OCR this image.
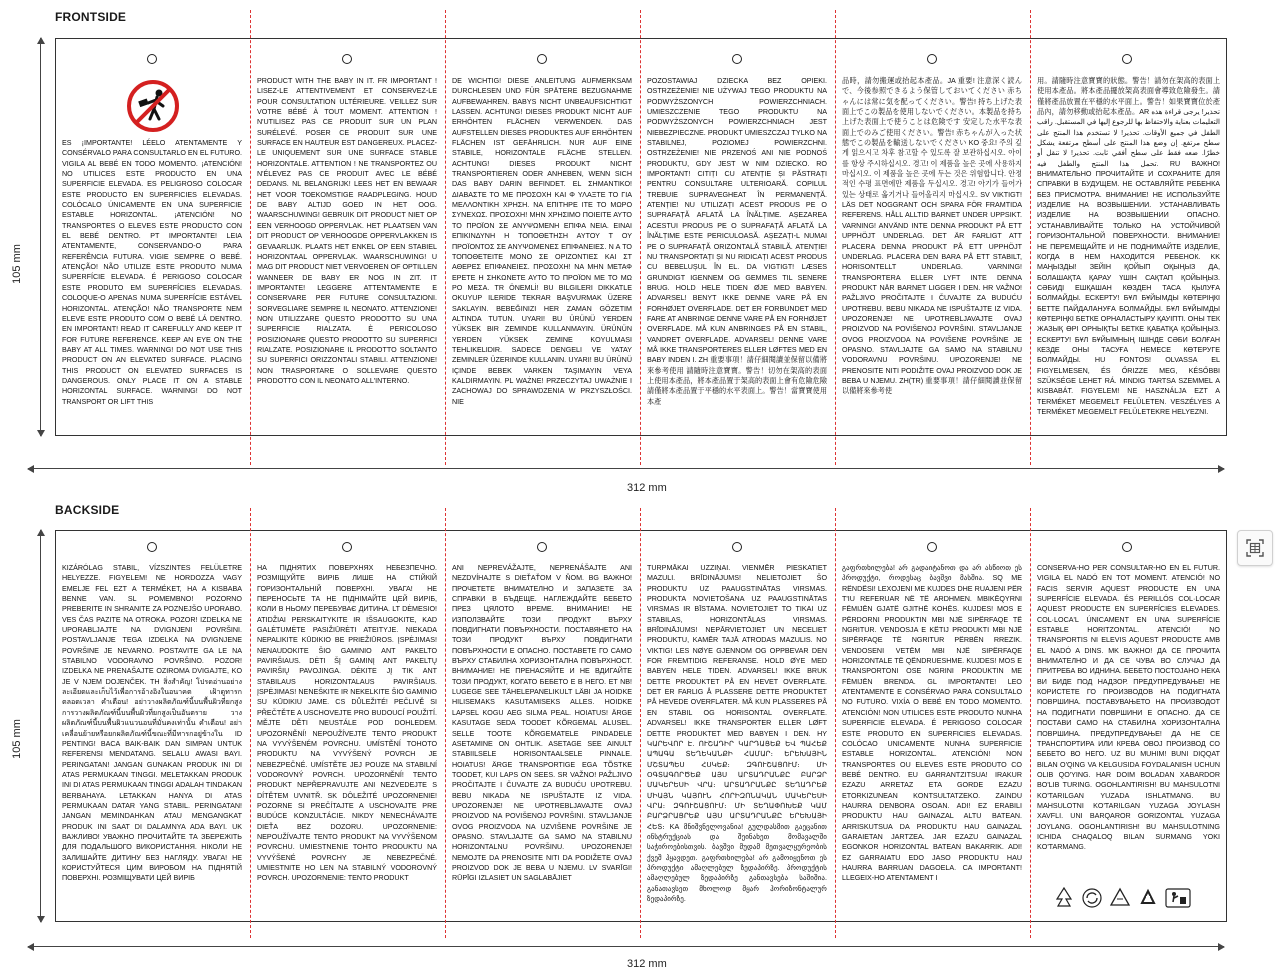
FRONTSIDE
ES ¡IMPORTANTE! LÉELO ATENTAMENTE Y CONSÉRVALO PARA CONSULTARLO EN EL FUTURO. VIGILA AL BEBÉ EN TODO MOMENTO. ¡ATENCIÓN! NO UTILICES ESTE PRODUCTO EN UNA SUPERFICIE ELEVADA. ES PELIGROSO COLOCAR ESTE PRODUCTO EN SUPERFICIES ELEVADAS. COLÓCALO ÚNICAMENTE EN UNA SUPERFICIE ESTABLE HORIZONTAL. ¡ATENCIÓN! NO TRANSPORTES O ELEVES ESTE PRODUCTO CON EL BEBÉ DENTRO. PT IMPORTANTE! LEIA ATENTAMENTE, CONSERVANDO-O PARA REFERÊNCIA FUTURA. VIGIE SEMPRE O BEBÉ. ATENÇÃO! NÃO UTILIZE ESTE PRODUTO NUMA SUPERFÍCIE ELEVADA. É PERIGOSO COLOCAR ESTE PRODUTO EM SUPERFÍCIES ELEVADAS. COLOQUE-O APENAS NUMA SUPERFÍCIE ESTÁVEL HORIZONTAL. ATENÇÃO! NÃO TRANSPORTE NEM ELEVE ESTE PRODUTO COM O BEBÉ LÁ DENTRO. EN IMPORTANT! READ IT CAREFULLY AND KEEP IT FOR FUTURE REFERENCE. KEEP AN EYE ON THE BABY AT ALL TIMES. WARNING! DO NOT USE THIS PRODUCT ON AN ELEVATED SURFACE. PLACING THIS PRODUCT ON ELEVATED SURFACES IS DANGEROUS. ONLY PLACE IT ON A STABLE HORIZONTAL SURFACE. WARNING! DO NOT TRANSPORT OR LIFT THIS
PRODUCT WITH THE BABY IN IT. FR IMPORTANT ! LISEZ-LE ATTENTIVEMENT ET CONSERVEZ-LE POUR CONSULTATION ULTÉRIEURE. VEILLEZ SUR VOTRE BÉBÉ À TOUT MOMENT. ATTENTION ! N'UTILISEZ PAS CE PRODUIT SUR UN PLAN SURÉLEVÉ. POSER CE PRODUIT SUR UNE SURFACE EN HAUTEUR EST DANGEREUX. PLACEZ-LE UNIQUEMENT SUR UNE SURFACE STABLE HORIZONTALE. ATTENTION ! NE TRANSPORTEZ OU N'ÉLEVEZ PAS CE PRODUIT AVEC LE BÉBÉ DEDANS. NL BELANGRIJK! LEES HET EN BEWAAR HET VOOR TOEKOMSTIGE RAADPLEGING. HOUD DE BABY ALTIJD GOED IN HET OOG. WAARSCHUWING! GEBRUIK DIT PRODUCT NIET OP EEN VERHOOGD OPPERVLAK. HET PLAATSEN VAN DIT PRODUCT OP VERHOOGDE OPPERVLAKKEN IS GEVAARLIJK. PLAATS HET ENKEL OP EEN STABIEL HORIZONTAAL OPPERVLAK. WAARSCHUWING! U MAG DIT PRODUCT NIET VERVOEREN OF OPTILLEN WANNEER DE BABY ER NOG IN ZIT. IT IMPORTANTE! LEGGERE ATTENTAMENTE E CONSERVARE PER FUTURE CONSULTAZIONI. SORVEGLIARE SEMPRE IL NEONATO. ATTENZIONE! NON UTILIZZARE QUESTO PRODOTTO SU UNA SUPERFICIE RIALZATA. È PERICOLOSO POSIZIONARE QUESTO PRODOTTO SU SUPERFICI RIALZATE. POSIZIONARE IL PRODOTTO SOLTANTO SU SUPERFICI ORIZZONTALI STABILI. ATTENZIONE! NON TRASPORTARE O SOLLEVARE QUESTO PRODOTTO CON IL NEONATO ALL'INTERNO.
DE WICHTIG! DIESE ANLEITUNG AUFMERKSAM DURCHLESEN UND FÜR SPÄTERE BEZUGNAHME AUFBEWAHREN. BABYS NICHT UNBEAUFSICHTIGT LASSEN. ACHTUNG! DIESES PRODUKT NICHT AUF ERHÖHTEN FLÄCHEN VERWENDEN. DAS AUFSTELLEN DIESES PRODUKTES AUF ERHÖHTEN FLÄCHEN IST GEFÄHRLICH. NUR AUF EINE STABILE, HORIZONTALE FLÄCHE STELLEN. ACHTUNG! DIESES PRODUKT NICHT TRANSPORTIEREN ODER ANHEBEN, WENN SICH DAS BABY DARIN BEFINDET. EL ΣΗΜΑΝΤΙΚΟ! ΔΙΑΒΑΣΤΕ ΤΟ ΜΕ ΠΡΟΣΟΧΗ ΚΑΙ Φ ΥΛΑΞΤΕ ΤΟ ΓΙΑ ΜΕΛΛΟΝΤΙΚΗ ΧΡΗΣΗ. ΝΑ ΕΠΙΤΗΡΕ ΙΤΕ ΤΟ ΜΩΡΟ ΣΥΝΕΧΩΣ. ΠΡΟΣΟΧΗ! ΜΗΝ ΧΡΗΣΙΜΟ ΠΟΙΕΙΤΕ ΑΥΤΟ ΤΟ ΠΡΟΪΟΝ ΣΕ ΑΝΥΨΩΜΕΝΗ ΕΠΙΦΑ ΝΕΙΑ. ΕΙΝΑΙ ΕΠΙΚΙΝΔΥΝΗ Η ΤΟΠΟΘΕΤΗΣΗ ΑΥΤΟΥ Τ ΟΥ ΠΡΟΪΟΝΤΟΣ ΣΕ ΑΝΥΨΩΜΕΝΕΣ ΕΠΙΦΑΝΕΙΕΣ. Ν Α ΤΟ ΤΟΠΟΘΕΤΕΙΤΕ ΜΟΝΟ ΣΕ ΟΡΙΖΟΝΤΙΕΣ ΚΑΙ ΣΤ ΑΘΕΡΕΣ ΕΠΙΦΑΝΕΙΕΣ. ΠΡΟΣΟΧΗ! ΝΑ ΜΗΝ ΜΕΤΑΦ ΕΡΕΤΕ Η ΣΗΚΩΝΕΤΕ ΑΥΤΟ ΤΟ ΠΡΟΪΟΝ ΜΕ ΤΟ ΜΩ ΡΟ ΜΕΣΑ. TR ÖNEMLİ! BU BILGILERI DIKKATLE OKUYUP ILERIDE TEKRAR BAŞVURMAK ÜZERE SAKLAYIN. BEBEĞINIZI HER ZAMAN GÖZETIM ALTINDA TUTUN. UYARI! BU ÜRÜNÜ YERDEN YÜKSEK BIR ZEMINDE KULLANMAYIN. ÜRÜNÜN YERDEN YÜKSEK ZEMINE KOYULMASI TEHLIKELIDIR. SADECE DENGELI VE YATAY ZEMINLER ÜZERINDE KULLANIN. UYARI! BU ÜRÜNÜ IÇINDE BEBEK VARKEN TAŞIMAYIN VEYA KALDIRMAYIN. PL WAŻNE! PRZECZYTAJ UWAŻNIE I ZACHOWAJ DO SPRAWDZENIA W PRZYSZŁOŚCI. NIE
POZOSTAWIAJ DZIECKA BEZ OPIEKI. OSTRZEŻENIE! NIE UŻYWAJ TEGO PRODUKTU NA PODWYŻSZONYCH POWIERZCHNIACH. UMIESZCZENIE TEGO PRODUKTU NA PODWYŻSZONYCH POWIERZCHNIACH JEST NIEBEZPIECZNE. PRODUKT UMIESZCZAJ TYLKO NA STABILNEJ, POZIOMEJ POWIERZCHNI. OSTRZEŻENIE! NIE PRZENOŚ ANI NIE PODNOŚ PRODUKTU, GDY JEST W NIM DZIECKO. RO IMPORTANT! CITIȚI CU ATENȚIE ȘI PĂSTRAȚI PENTRU CONSULTARE ULTERIOARĂ. COPILUL TREBUIE SUPRAVEGHEAT ÎN PERMANENȚĂ. ATENȚIE! NU UTILIZAȚI ACEST PRODUS PE O SUPRAFAȚĂ AFLATĂ LA ÎNĂLȚIME. AȘEZAREA ACESTUI PRODUS PE O SUPRAFAȚĂ AFLATĂ LA ÎNĂLȚIME ESTE PERICULOASĂ. AȘEZAȚI-L NUMAI PE O SUPRAFAȚĂ ORIZONTALĂ STABILĂ. ATENȚIE! NU TRANSPORTAȚI ȘI NU RIDICAȚI ACEST PRODUS CU BEBELUȘUL ÎN EL. DA VIGTIGT! LÆSES GRUNDIGT IGENNEM OG GEMMES TIL SENERE BRUG. HOLD HELE TIDEN ØJE MED BABYEN. ADVARSEL! BENYT IKKE DENNE VARE PÅ EN FORHØJET OVERFLADE. DET ER FORBUNDET MED FARE AT ANBRINGE DENNE VARE PÅ EN FORHØJET OVERFLADE. MÅ KUN ANBRINGES PÅ EN STABIL, VANDRET OVERFLADE. ADVARSEL! DENNE VARE MÅ IKKE TRANSPORTERES ELLER LØFTES MED EN BABY INDEN I. ZH 重要事項！請仔細閱讀並保留以備將來參考使用 請隨時注意寶寶。警告！切勿在架高的表面上使用本產品，將本產品置于架高的表面上會有危險危險 請僅將本產品置于平穩的水平表面上。警告！當寶寶使用本產
品時，請勿搬運或抬起本產品。JA 重要! 注意深く読んで、今後参照できるよう保管しておいてください 赤ちゃんには常に気を配ってください。警告! 持ち上げた表面上でこの製品を使用しないでください。本製品を持ち上げた表面上で使うことは危険です 安定した水平な表面上でのみご使用ください。警告! 赤ちゃんが入った状態でこの製品を輸送しないでください KO 중요! 주의 깊게 읽으시고 차후 참고할 수 있도록 잘 보관하십시오. 아이를 항상 주시하십시오. 경고! 이 제품을 높은 곳에 사용하지 마십시오. 이 제품을 높은 곳에 두는 것은 위험합니다. 안정적인 수평 표면에만 제품을 두십시오. 경고! 아기가 들어가 있는 상태로 옮기거나 들어올리지 마십시오. SV VIKTIGT! LÄS DET NOGGRANT OCH SPARA FÖR FRAMTIDA REFERENS. HÅLL ALLTID BARNET UNDER UPPSIKT. VARNING! ANVÄND INTE DENNA PRODUKT PÅ ETT UPPHÖJT UNDERLAG. DET ÄR FARLIGT ATT PLACERA DENNA PRODUKT PÅ ETT UPPHÖJT UNDERLAG. PLACERA DEN BARA PÅ ETT STABILT, HORISONTELLT UNDERLAG. VARNING! TRANSPORTERA ELLER LYFT INTE DENNA PRODUKT NÄR BARNET LIGGER I DEN. HR VAŽNO! PAŽLJIVO PROČITAJTE I ČUVAJTE ZA BUDUĆU UPOTREBU. BEBU NIKADA NE ISPUŠTAJTE IZ VIDA. UPOZORENJE! NE UPOTREBLJAVAJTE OVAJ PROIZVOD NA POVIŠENOJ POVRŠINI. STAVLJANJE OVOG PROIZVODA NA POVIŠENE POVRŠINE JE OPASNO. STAVLJAJTE GA SAMO NA STABILNU VODORAVNU POVRŠINU. UPOZORENJE! NE PRENOSITE NITI PODIŽITE OVAJ PROIZVOD DOK JE BEBA U NJEMU. ZH(TR) 重要事項！請仔細閱讀並保留以備將來參考使
用。請隨時注意寶寶的狀態。警告！請勿在架高的表面上使用本產品。將本產品擺放架高表面會導致危險發生。請僅將產品放置在平穩的水平面上。警告！如果寶寶位於產品內，請勿移動或抬起本產品。AR تحذير! يرجى قراءة هذه التعليمات بعناية والاحتفاظ بها للرجوع إليها في المستقبل. راقب الطفل في جميع الأوقات. تحذير! لا تستخدم هذا المنتج على سطح مرتفع. إن وضع هذا المنتج على أسطح مرتفعة يشكل خطرًا. ضعه فقط على سطح أفقي ثابت. تحذير! لا تنقل أو تحمل هذا المنتج والطفل فيه. RU ВАЖНО! ВНИМАТЕЛЬНО ПРОЧИТАЙТЕ И СОХРАНИТЕ ДЛЯ СПРАВКИ В БУДУЩЕМ. НЕ ОСТАВЛЯЙТЕ РЕБЕНКА БЕЗ ПРИСМОТРА. ВНИМАНИЕ! НЕ ИСПОЛЬЗУЙТЕ ИЗДЕЛИЕ НА ВОЗВЫШЕНИИ. УСТАНАВЛИВАТЬ ИЗДЕЛИЕ НА ВОЗВЫШЕНИИ ОПАСНО. УСТАНАВЛИВАЙТЕ ТОЛЬКО НА УСТОЙЧИВОЙ ГОРИЗОНТАЛЬНОЙ ПОВЕРХНОСТИ. ВНИМАНИЕ! НЕ ПЕРЕМЕЩАЙТЕ И НЕ ПОДНИМАЙТЕ ИЗДЕЛИЕ, КОГДА В НЕМ НАХОДИТСЯ РЕБЕНОК. KK МАҢЫЗДЫ! ЗЕЙІН ҚОЙЫП ОҚЫҢЫЗ ДА, БОЛАШАҚТА ҚАРАУ ҮШІН САҚТАП ҚОЙЫҢЫЗ. СӘБИДІ ЕШҚАШАН КӨЗДЕН ТАСА ҚЫЛУҒА БОЛМАЙДЫ. ЕСКЕРТУ! БҰЛ БҰЙЫМДЫ КӨТЕРІҢКІ БЕТТЕ ПАЙДАЛАНУҒА БОЛМАЙДЫ. БҰЛ БҰЙЫМДЫ КӨТЕРІҢКІ БЕТКЕ ОРНАЛАСТЫРУ ҚАУІПТІ. ОНЫ ТЕК ЖАЗЫҚ ӨРІ ОРНЫҚТЫ БЕТКЕ ҚАБАТҚА ҚОЙЫҢЫЗ. ЕСКЕРТУ! БҰЛ БҰЙЫМНЫҢ ІШІНДЕ СӘБИ БОЛҒАН КЕЗДЕ ОНЫ ТАСУҒА НЕМЕСЕ КӨТЕРУГЕ БОЛМАЙДЫ. HU FONTOS! OLVASSA EL FIGYELMESEN, ÉS ŐRIZZE MEG, KÉSŐBBI SZÜKSÉGE LEHET RÁ. MINDIG TARTSA SZEMMEL A KISBABÁT. FIGYELEM! NE HASZNÁLJA EZT A TERMÉKET MEGEMELT FELÜLETEN. VESZÉLYES A TERMÉKET MEGEMELT FELÜLETEKRE HELYEZNI.
105 mm
312 mm
BACKSIDE
KIZÁRÓLAG STABIL, VÍZSZINTES FELÜLETRE HELYEZZE. FIGYELEM! NE HORDOZZA VAGY EMELJE FEL EZT A TERMÉKET, HA A KISBABA BENNE VAN. SL POMEMBNO! POZORNO PREBERITE IN SHRANITE ZA POZNEJŠO UPORABO. VES ČAS PAZITE NA OTROKA. POZOR! IZDELKA NE UPORABLJAJTE NA DVIGNJENI POVRŠINI. POSTAVLJANJE TEGA IZDELKA NA DVIGNJENE POVRŠINE JE NEVARNO. POSTAVITE GA LE NA STABILNO VODORAVNO POVRŠINO. POZOR! IZDELKA NE PRENAŠAJTE OZIROMA DVIGAJTE, KO JE V NJEM DOJENČEK. TH สิ่งสำคัญ! โปรดอ่านอย่างละเอียดและเก็บไว้เพื่อการอ้างอิงในอนาคต เฝ้าดูทารกตลอดเวลา คำเตือน! อย่าวางผลิตภัณฑ์นี้บนพื้นผิวที่ยกสูง การวางผลิตภัณฑ์นี้บนพื้นผิวที่ยกสูงเป็นอันตราย วางผลิตภัณฑ์นี้บนพื้นผิวแนวนอนที่มั่นคงเท่านั้น คำเตือน! อย่าเคลื่อนย้ายหรือยกผลิตภัณฑ์นี้ขณะที่มีทารกอยู่ข้างใน ID PENTING! BACA BAIK-BAIK DAN SIMPAN UNTUK REFERENSI MENDATANG. SELALU AWASI BAYI. PERINGATAN! JANGAN GUNAKAN PRODUK INI DI ATAS PERMUKAAN TINGGI. MELETAKKAN PRODUK INI DI ATAS PERMUKAAN TINGGI ADALAH TINDAKAN BERBAHAYA. LETAKKAN HANYA DI ATAS PERMUKAAN DATAR YANG STABIL. PERINGATAN! JANGAN MEMINDAHKAN ATAU MENGANGKAT PRODUK INI SAAT DI DALAMNYA ADA BAYI. UK ВАЖЛИВО! УВАЖНО ПРОЧИТАЙТЕ ТА ЗБЕРЕЖІТЬ ДЛЯ ПОДАЛЬШОГО ВИКОРИСТАННЯ. НІКОЛИ НЕ ЗАЛИШАЙТЕ ДИТИНУ БЕЗ НАГЛЯДУ. УВАГА! НЕ КОРИСТУЙТЕСЯ ЦИМ ВИРОБОМ НА ПІДНЯТІЙ ПОВЕРХНІ. РОЗМІЩУВАТИ ЦЕЙ ВИРІБ
НА ПІДНЯТИХ ПОВЕРХНЯХ НЕБЕЗПЕЧНО. РОЗМІЩУЙТЕ ВИРІБ ЛИШЕ НА СТІЙКІЙ ГОРИЗОНТАЛЬНІЙ ПОВЕРХНІ. УВАГА! НЕ ПЕРЕНОСЬТЕ ТА НЕ ПІДНІМАЙТЕ ЦЕЙ ВИРІБ, КОЛИ В НЬОМУ ПЕРЕБУВАЄ ДИТИНА. LT DĖMESIO! ATIDŽIAI PERSKAITYKITE IR IŠSAUGOKITE, KAD GALĖTUMĖTE PASIŽIŪRĖTI ATEITYJE. NIEKADA NEPALIKITE KŪDIKIO BE PRIEŽIŪROS. ĮSPĖJIMAS! NENAUDOKITE ŠIO GAMINIO ANT PAKELTO PAVIRŠIAUS. DĖTI ŠĮ GAMINĮ ANT PAKELTŲ PAVIRŠIŲ PAVOJINGA. DĖKITE JĮ TIK ANT STABILAUS HORIZONTALAUS PAVIRŠIAUS. ĮSPĖJIMAS! NENEŠKITE IR NEKELKITE ŠIO GAMINIO SU KŪDIKIU JAME. CS DŮLEŽITÉ! PEČLIVĚ SI PŘEČTĚTE A USCHOVEJTE PRO BUDOUCÍ POUŽITÍ. MĚJTE DĚTI NEUSTÁLE POD DOHLEDEM. UPOZORNĚNÍ! NEPOUŽÍVEJTE TENTO PRODUKT NA VYVÝŠENÉM POVRCHU. UMÍSTĚNÍ TOHOTO PRODUKTU NA VYVÝŠENÝ POVRCH JE NEBEZPEČNÉ. UMÍSTĚTE JEJ POUZE NA STABILNÍ VODOROVNÝ POVRCH. UPOZORNĚNÍ! TENTO PRODUKT NEPŘEPRAVUJTE ANI NEZVEDEJTE S DÍTĚTEM UVNITŘ. SK DÔLEŽITÉ UPOZORNENIE! POZORNE SI PREČÍTAJTE A USCHOVAJTE PRE BUDÚCE KONZULTÁCIE. NIKDY NENECHÁVAJTE DIEŤA BEZ DOZORU. UPOZORNENIE: NEPOUŽÍVAJTE TENTO PRODUKT NA VYVÝŠENOM POVRCHU. UMIESTNENIE TOHTO PRODUKTU NA VYVÝŠENÉ POVRCHY JE NEBEZPEČNÉ. UMIESTNITE HO LEN NA STABILNÝ VODOROVNÝ POVRCH. UPOZORNENIE: TENTO PRODUKT
ANI NEPREVÁŽAJTE, NEPRENÁŠAJTE ANI NEZDVÍHAJTE S DIEŤAŤOM V ŇOM. BG ВАЖНО! ПРОЧЕТЕТЕ ВНИМАТЕЛНО И ЗАПАЗЕТЕ ЗА СПРАВКИ В БЪДЕЩЕ. НАГЛЕЖДАЙТЕ БЕБЕТО ПРЕЗ ЦЯЛОТО ВРЕМЕ. ВНИМАНИЕ! НЕ ИЗПОЛЗВАЙТЕ ТОЗИ ПРОДУКТ ВЪРХУ ПОВДИГНАТИ ПОВЪРХНОСТИ. ПОСТАВЯНЕТО НА ТОЗИ ПРОДУКТ ВЪРХУ ПОВДИГНАТИ ПОВЪРХНОСТИ Е ОПАСНО. ПОСТАВЕТЕ ГО САМО ВЪРХУ СТАБИЛНА ХОРИЗОНТАЛНА ПОВЪРХНОСТ. ВНИМАНИЕ! НЕ ПРЕНАСЯЙТЕ И НЕ ВДИГАЙТЕ ТОЗИ ПРОДУКТ, КОГАТО БЕБЕТО Е В НЕГО. ET NB! LUGEGE SEE TÄHELEPANELIKULT LÄBI JA HOIDKE HILISEMAKS KASUTAMISEKS ALLES. HOIDKE LAPSEL KOGU AEG SILMA PEAL. HOIATUS! ÄRGE KASUTAGE SEDA TOODET KÕRGEMAL ALUSEL. SELLE TOOTE KÕRGEMATELE PINDADELE ASETAMINE ON OHTLIK. ASETAGE SEE AINULT STABIILSELE HORISONTAALSELE PINNALE. HOIATUS! ÄRGE TRANSPORTIGE EGA TÕSTKE TOODET, KUI LAPS ON SEES. SR VAŽNO! PAŽLJIVO PROČITAJTE I ČUVAJTE ZA BUDUĆU UPOTREBU. BEBU NIKADA NE ISPUŠTAJTE IZ VIDA. UPOZORENJE! NE UPOTREBLJAVAJTE OVAJ PROIZVOD NA POVIŠENOJ POVRŠINI. STAVLJANJE OVOG PROIZVODA NA UZVIŠENE POVRŠINE JE OPASNO. STAVLJAJTE GA SAMO NA STABILNU HORIZONTALNU POVRŠINU. UPOZORENJE! NEMOJTE DA PRENOSITE NITI DA PODIŽETE OVAJ PROIZVOD DOK JE BEBA U NJEMU. LV SVARĪGI! RŪPĪGI IZLASIET UN SAGLABĀJIET
TURPMĀKAI UZZIŅAI. VIENMĒR PIESKATIET MAZULI. BRĪDINĀJUMS! NELIETOJIET ŠO PRODUKTU UZ PAAUGSTINĀTAS VIRSMAS. PRODUKTA NOVIETOŠANA UZ PAAUGSTINĀTAS VIRSMAS IR BĪSTAMA. NOVIETOJIET TO TIKAI UZ STABILAS, HORIZONTĀLAS VIRSMAS. BRĪDINĀJUMS! NEPĀRVIETOJIET UN NECELIET PRODUKTU, KAMĒR TAJĀ ATRODAS MAZULIS. NO VIKTIG! LES NØYE GJENNOM OG OPPBEVAR DEN FOR FREMTIDIG REFERANSE. HOLD ØYE MED BABYEN HELE TIDEN. ADVARSEL! IKKE BRUK DETTE PRODUKTET PÅ EN HEVET OVERFLATE. DET ER FARLIG Å PLASSERE DETTE PRODUKTET PÅ HEVEDE OVERFLATER. MÅ KUN PLASSERES PÅ EN STABIL OG HORISONTAL OVERFLATE. ADVARSEL! IKKE TRANSPORTER ELLER LØFT DETTE PRODUKTET MED BABYEN I DEN. HY ԿԱՐԵՎՈՐ Է. ՈՒՇԱԴԻՐ ԿԱՐԴԱՑԵՔ ԵՎ ՊԱՀԵՔ ԱՊԱԳԱ ՏԵՂԵԿԱՆՔԻ ՀԱՄԱՐ։ ԵՐԵԽԱՅԻՆ ՄՇՏԱՊԵՍ ՀՍԿԵՔ։ ԶԳՈՒՇԱՑՈՒՄ։ ՄԻ ՕԳՏԱԳՈՐԾԵՔ ԱՅՍ ԱՐՏԱԴՐԱՆՔԸ ԲԱՐՁՐ ՄԱԿԵՐԵՍԻ ՎՐԱ։ ԱՐՏԱԴՐԱՆՔԸ ՏԵՂԱԴՐԵՔ ՄԻԱՅՆ ԿԱՅՈՒՆ ՀՈՐԻԶՈՆԱԿԱՆ ՄԱԿԵՐԵՍԻ ՎՐԱ։ ԶԳՈՒՇԱՑՈՒՄ։ ՄԻ ՏԵՂԱՓՈԽԵՔ ԿԱՄ ԲԱՐՁՐԱՑՐԵՔ ԱՅՍ ԱՐՏԱԴՐԱՆՔԸ ԵՐԵԽԱՅԻ ՀԵՏ։ KA მნიშვნელოვანია! გულდასმით გაეცანით ინსტრუქციას და შეინახეთ მომავალში საჭიროებისთვის. ბავშვი მუდამ მეთვალყურეობის ქვეშ ჰყავდეთ. გაფრთხილება! არ გამოიყენოთ ეს პროდუქტი ამაღლებულ ზედაპირზე. პროდუქტის ამაღლებულ ზედაპირზე განთავსება საშიშია. განათავსეთ მხოლოდ მყარ ჰორიზონტალურ ზედაპირზე.
გაფრთხილება! არ გადაიტანოთ და არ ასწიოთ ეს პროდუქტი, როდესაც ბავშვი მასშია. SQ ME RËNDËSI! LEXOJENI ME KUJDES DHE RUAJENI PËR T'IU REFERUAR NË TË ARDHMEN. MBIKËQYRNI FËMIJËN GJATË GJITHË KOHËS. KUJDES! MOS E PËRDORNI PRODUKTIN MBI NJË SIPËRFAQE TË NGRITUR. VENDOSJA E KËTIJ PRODUKTI MBI NJË SIPËRFAQE TË NGRITUR PËRBËN RREZIK. VENDOSENI VETËM MBI NJË SIPËRFAQE HORIZONTALE TË QËNDRUESHME. KUJDES! MOS E TRANSPORTONI OSE NGRINI PRODUKTIN ME FËMIJËN BRENDA. GL IMPORTANTE! LEO ATENTAMENTE E CONSÉRVAO PARA CONSULTALO NO FUTURO. VIXÍA O BEBÉ EN TODO MOMENTO. ATENCIÓN! NON UTILICES ESTE PRODUTO NUNHA SUPERFICIE ELEVADA. É PERIGOSO COLOCAR ESTE PRODUTO EN SUPERFICIES ELEVADAS. COLÓCAO UNICAMENTE NUNHA SUPERFICIE ESTABLE HORIZONTAL. ATENCIÓN! NON TRANSPORTES OU ELEVES ESTE PRODUTO CO BEBÉ DENTRO. EU GARRANTZITSUA! IRAKUR EZAZU ARRETAZ ETA GORDE EZAZU ETORKIZUNEAN KONTSULTATZEKO. ZAINDU HAURRA DENBORA OSOAN. ADI! EZ ERABILI PRODUKTU HAU GAINAZAL ALTU BATEAN. ARRISKUTSUA DA PRODUKTU HAU GAINAZAL GARAIETAN JARTZEA. JAR EZAZU GAINAZAL EGONKOR HORIZONTAL BATEAN BAKARRIK. ADI! EZ GARRAIATU EDO JASO PRODUKTU HAU HAURRA BARRUAN DAGOELA. CA IMPORTANT! LLEGEIX-HO ATENTAMENT I
CONSERVA-HO PER CONSULTAR-HO EN EL FUTUR. VIGILA EL NADÓ EN TOT MOMENT. ATENCIÓ! NO FACIS SERVIR AQUEST PRODUCTE EN UNA SUPERFÍCIE ELEVADA. ÉS PERILLÓS COL·LOCAR AQUEST PRODUCTE EN SUPERFÍCIES ELEVADES. COL·LOCA'L ÚNICAMENT EN UNA SUPERFÍCIE ESTABLE HORITZONTAL. ATENCIÓ! NO TRANSPORTIS NI ELEVIS AQUEST PRODUCTE AMB EL NADÓ A DINS. MK ВАЖНО! ДА СЕ ПРОЧИТА ВНИМАТЕЛНО И ДА СЕ ЧУВА ВО СЛУЧАЈ ДА ПРИТРЕБА ВО ИДНИНА. БЕБЕТО ПОСТОЈАНО НЕКА ВИ БИДЕ ПОД НАДЗОР. ПРЕДУПРЕДУВАЊЕ! НЕ КОРИСТЕТЕ ГО ПРОИЗВОДОВ НА ПОДИГНАТА ПОВРШИНА. ПОСТАВУВАЊЕТО НА ПРОИЗВОДОТ НА ПОДИГНАТИ ПОВРШИНИ Е ОПАСНО. ДА СЕ ПОСТАВИ САМО НА СТАБИЛНА ХОРИЗОНТАЛНА ПОВРШИНА. ПРЕДУПРЕДУВАЊЕ! ДА НЕ СЕ ТРАНСПОРТИРА ИЛИ КРЕВА ОВОЈ ПРОИЗВОД СО БЕБЕТО ВО НЕГО. UZ BU MUHIM! BUNI DIQQAT BILAN O'QING VA KELGUSIDA FOYDALANISH UCHUN OLIB QO'YING. HAR DOIM BOLADAN XABARDOR BO'LIB TURING. OGOHLANTIRISH! BU MAHSULOTNI KO'TARILGAN YUZADA ISHLATMANG. BU MAHSULOTNI KO'TARILGAN YUZAGA JOYLASH XAVFLI. UNI BARQAROR GORIZONTAL YUZAGA JOYLANG. OGOHLANTIRISH! BU MAHSULOTNING ICHIDA CHAQALOQ BILAN SURMANG YOKI KO'TARMANG.
105 mm
312 mm
